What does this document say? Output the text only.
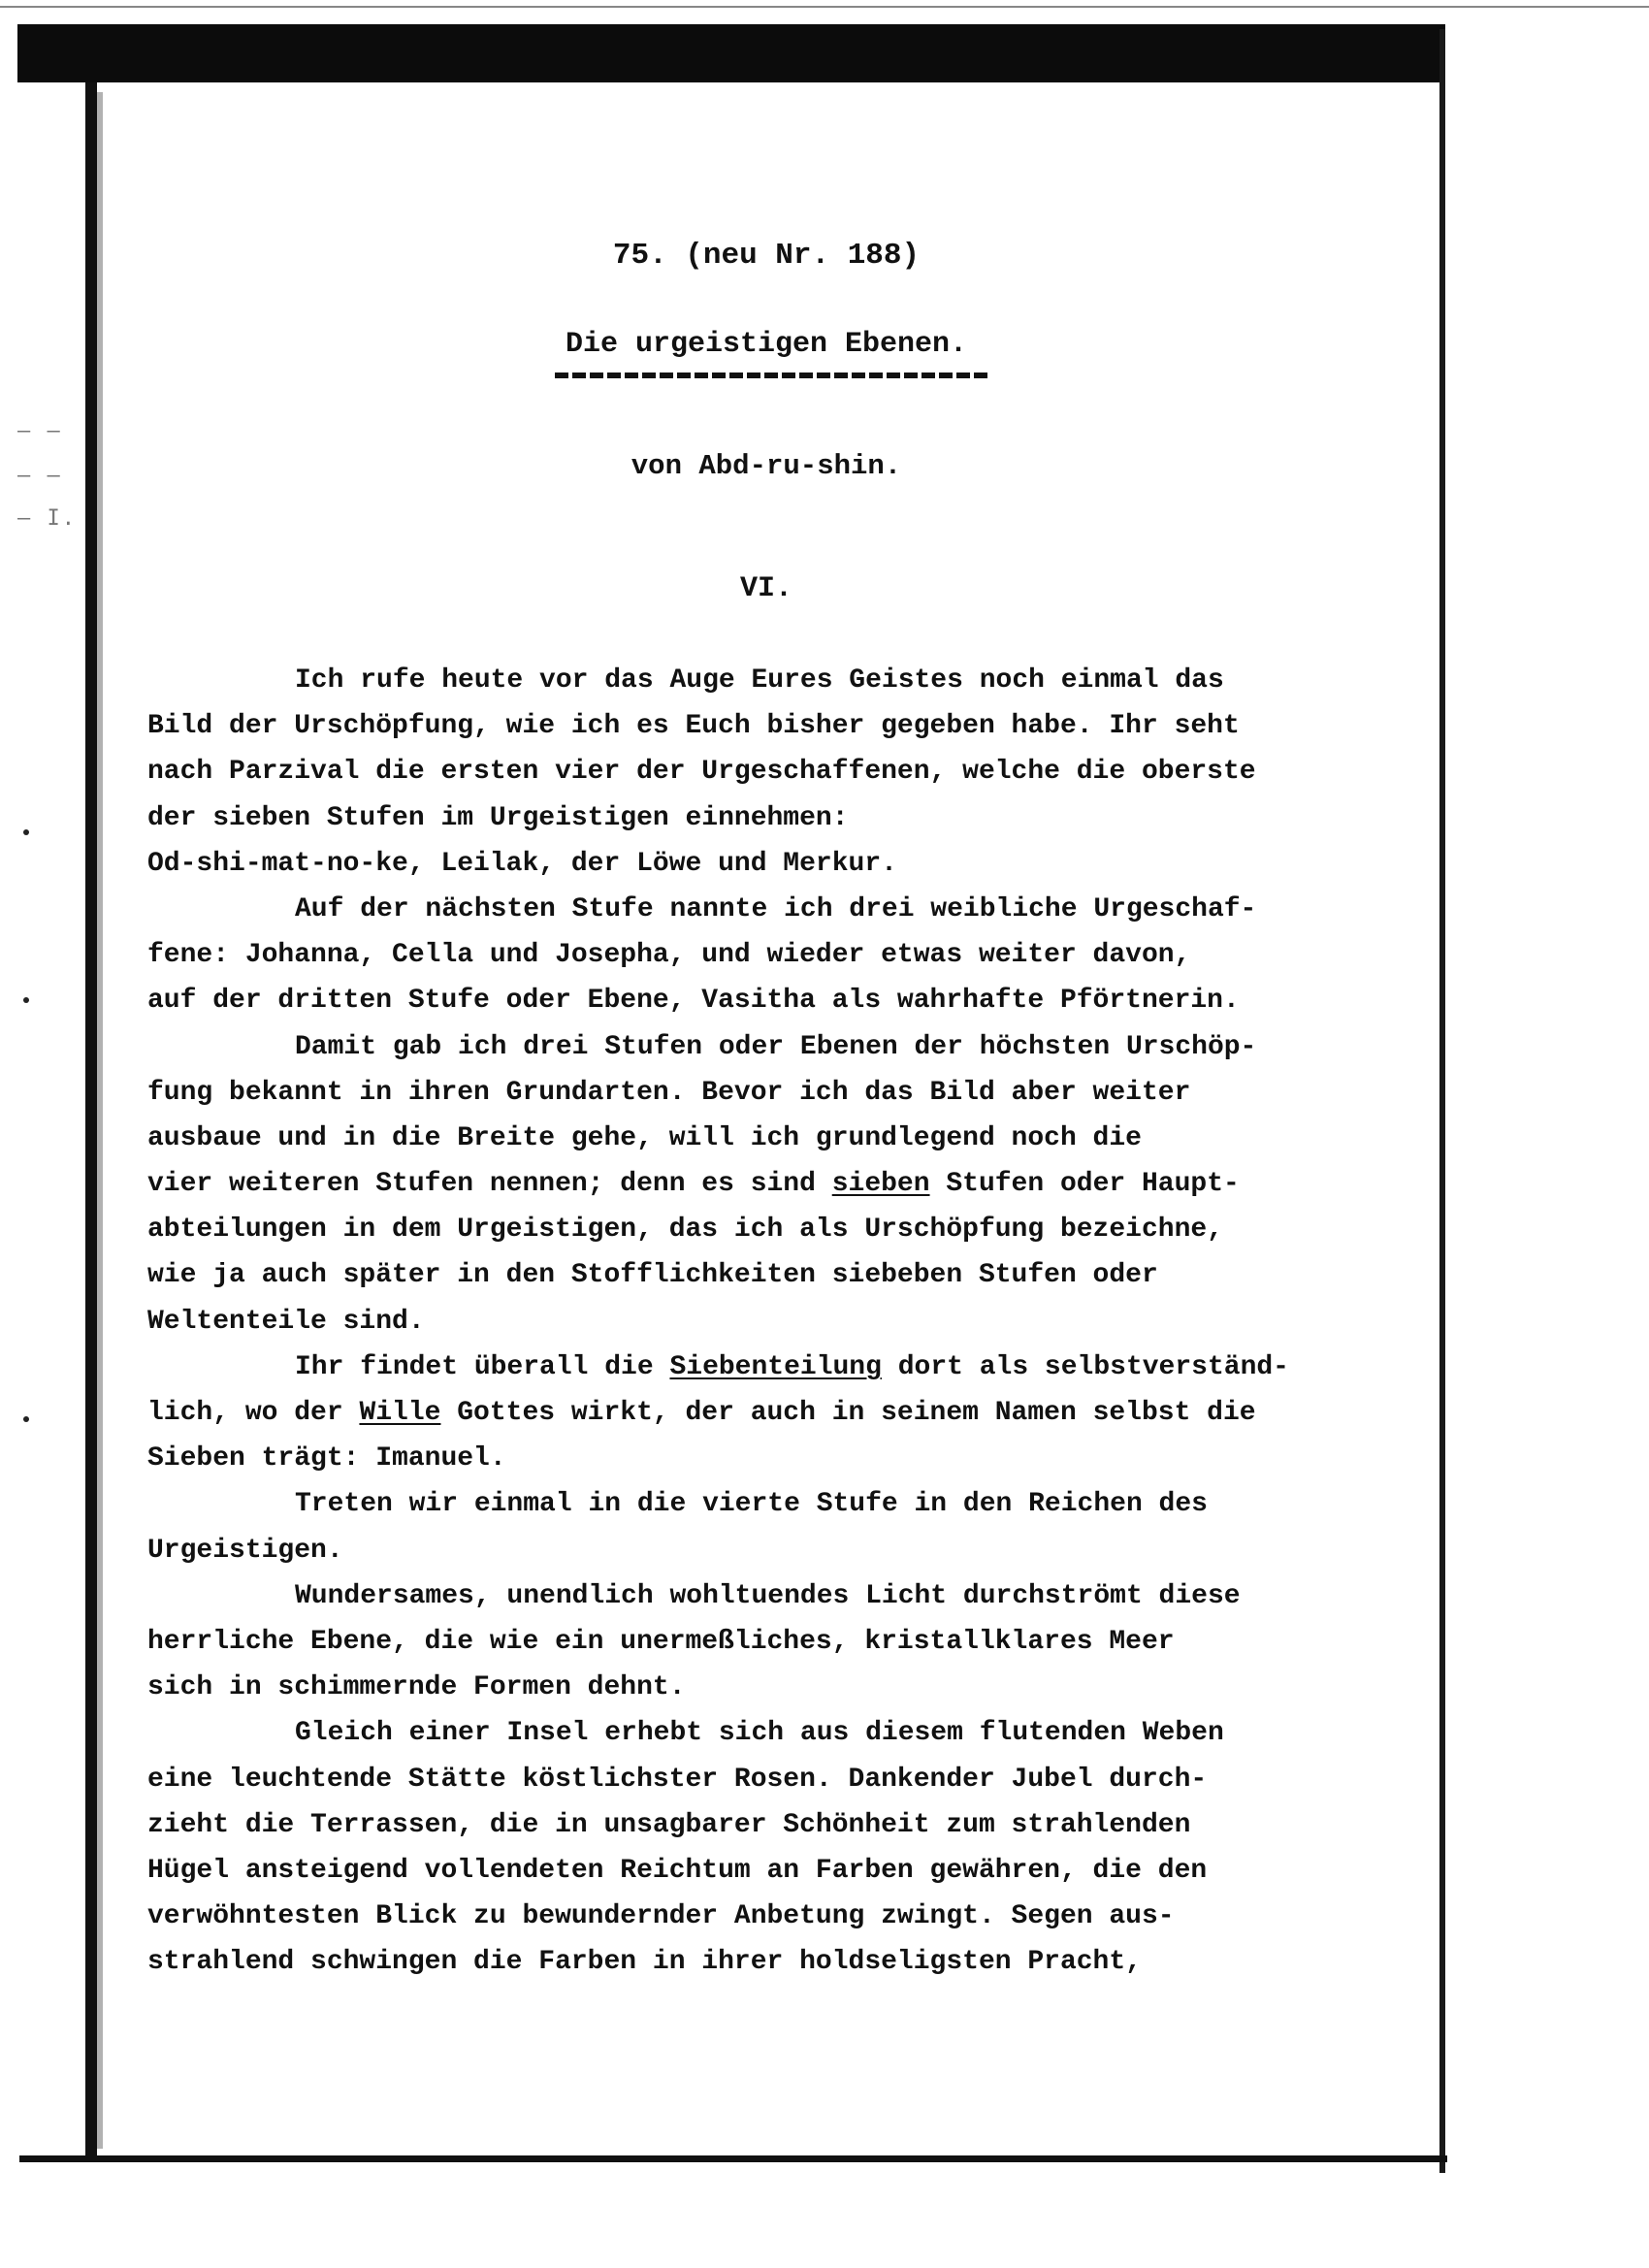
— —
— —
— I.
75. (neu Nr. 188)
Die urgeistigen Ebenen.
von Abd-ru-shin.
VI.
Ich rufe heute vor das Auge Eures Geistes noch einmal das
Bild der Urschöpfung, wie ich es Euch bisher gegeben habe. Ihr seht
nach Parzival die ersten vier der Urgeschaffenen, welche die oberste
der sieben Stufen im Urgeistigen einnehmen:
Od-shi-mat-no-ke, Leilak, der Löwe und Merkur.
Auf der nächsten Stufe nannte ich drei weibliche Urgeschaf-
fene: Johanna, Cella und Josepha, und wieder etwas weiter davon,
auf der dritten Stufe oder Ebene, Vasitha als wahrhafte Pförtnerin.
Damit gab ich drei Stufen oder Ebenen der höchsten Urschöp-
fung bekannt in ihren Grundarten. Bevor ich das Bild aber weiter
ausbaue und in die Breite gehe, will ich grundlegend noch die
vier weiteren Stufen nennen; denn es sind sieben Stufen oder Haupt-
abteilungen in dem Urgeistigen, das ich als Urschöpfung bezeichne,
wie ja auch später in den Stofflichkeiten siebeben Stufen oder
Weltenteile sind.
Ihr findet überall die Siebenteilung dort als selbstverständ-
lich, wo der Wille Gottes wirkt, der auch in seinem Namen selbst die
Sieben trägt: Imanuel.
Treten wir einmal in die vierte Stufe in den Reichen des
Urgeistigen.
Wundersames, unendlich wohltuendes Licht durchströmt diese
herrliche Ebene, die wie ein unermeßliches, kristallklares Meer
sich in schimmernde Formen dehnt.
Gleich einer Insel erhebt sich aus diesem flutenden Weben
eine leuchtende Stätte köstlichster Rosen. Dankender Jubel durch-
zieht die Terrassen, die in unsagbarer Schönheit zum strahlenden
Hügel ansteigend vollendeten Reichtum an Farben gewähren, die den
verwöhntesten Blick zu bewundernder Anbetung zwingt. Segen aus-
strahlend schwingen die Farben in ihrer holdseligsten Pracht,
